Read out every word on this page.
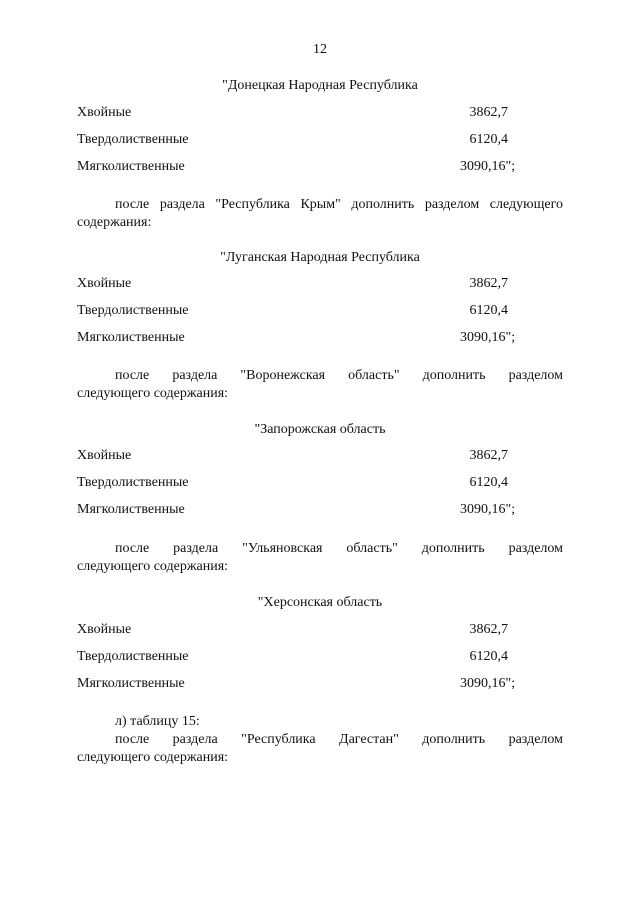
12
"Донецкая Народная Республика
Хвойные	3862,7
Твердолиственные	6120,4
Мягколиственные	3090,16";
после раздела "Республика Крым" дополнить разделом следующего
содержания:
"Луганская Народная Республика
Хвойные	3862,7
Твердолиственные	6120,4
Мягколиственные	3090,16";
после раздела "Воронежская область" дополнить разделом
следующего содержания:
"Запорожская область
Хвойные	3862,7
Твердолиственные	6120,4
Мягколиственные	3090,16";
после раздела "Ульяновская область" дополнить разделом
следующего содержания:
"Херсонская область
Хвойные	3862,7
Твердолиственные	6120,4
Мягколиственные	3090,16";
л) таблицу 15:
после раздела "Республика Дагестан" дополнить разделом
следующего содержания:
